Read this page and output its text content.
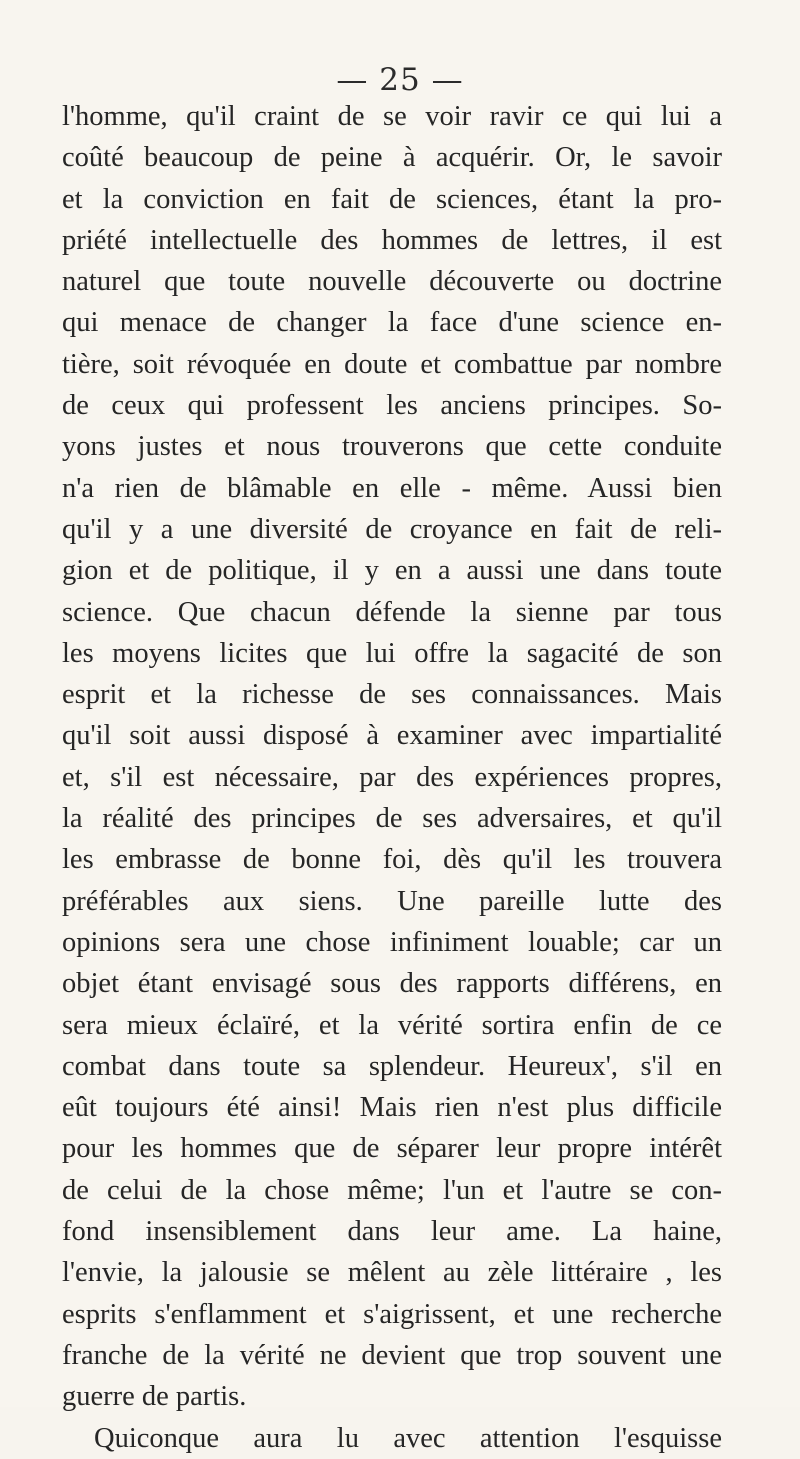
— 25 —
l'homme, qu'il craint de se voir ravir ce qui lui a
coûté beaucoup de peine à acquérir. Or, le savoir
et la conviction en fait de sciences, étant la pro-
priété intellectuelle des hommes de lettres, il est
naturel que toute nouvelle découverte ou doctrine
qui menace de changer la face d'une science en-
tière, soit révoquée en doute et combattue par nombre
de ceux qui professent les anciens principes. So-
yons justes et nous trouverons que cette conduite
n'a rien de blâmable en elle - même. Aussi bien
qu'il y a une diversité de croyance en fait de reli-
gion et de politique, il y en a aussi une dans toute
science. Que chacun défende la sienne par tous
les moyens licites que lui offre la sagacité de son
esprit et la richesse de ses connaissances. Mais
qu'il soit aussi disposé à examiner avec impartialité
et, s'il est nécessaire, par des expériences propres,
la réalité des principes de ses adversaires, et qu'il
les embrasse de bonne foi, dès qu'il les trouvera
préférables aux siens. Une pareille lutte des
opinions sera une chose infiniment louable; car un
objet étant envisagé sous des rapports différens, en
sera mieux éclaïré, et la vérité sortira enfin de ce
combat dans toute sa splendeur. Heureux', s'il en
eût toujours été ainsi! Mais rien n'est plus difficile
pour les hommes que de séparer leur propre intérêt
de celui de la chose même; l'un et l'autre se con-
fond insensiblement dans leur ame. La haine,
l'envie, la jalousie se mêlent au zèle littéraire , les
esprits s'enflamment et s'aigrissent, et une recherche
franche de la vérité ne devient que trop souvent une
guerre de partis.
Quiconque aura lu avec attention l'esquisse
